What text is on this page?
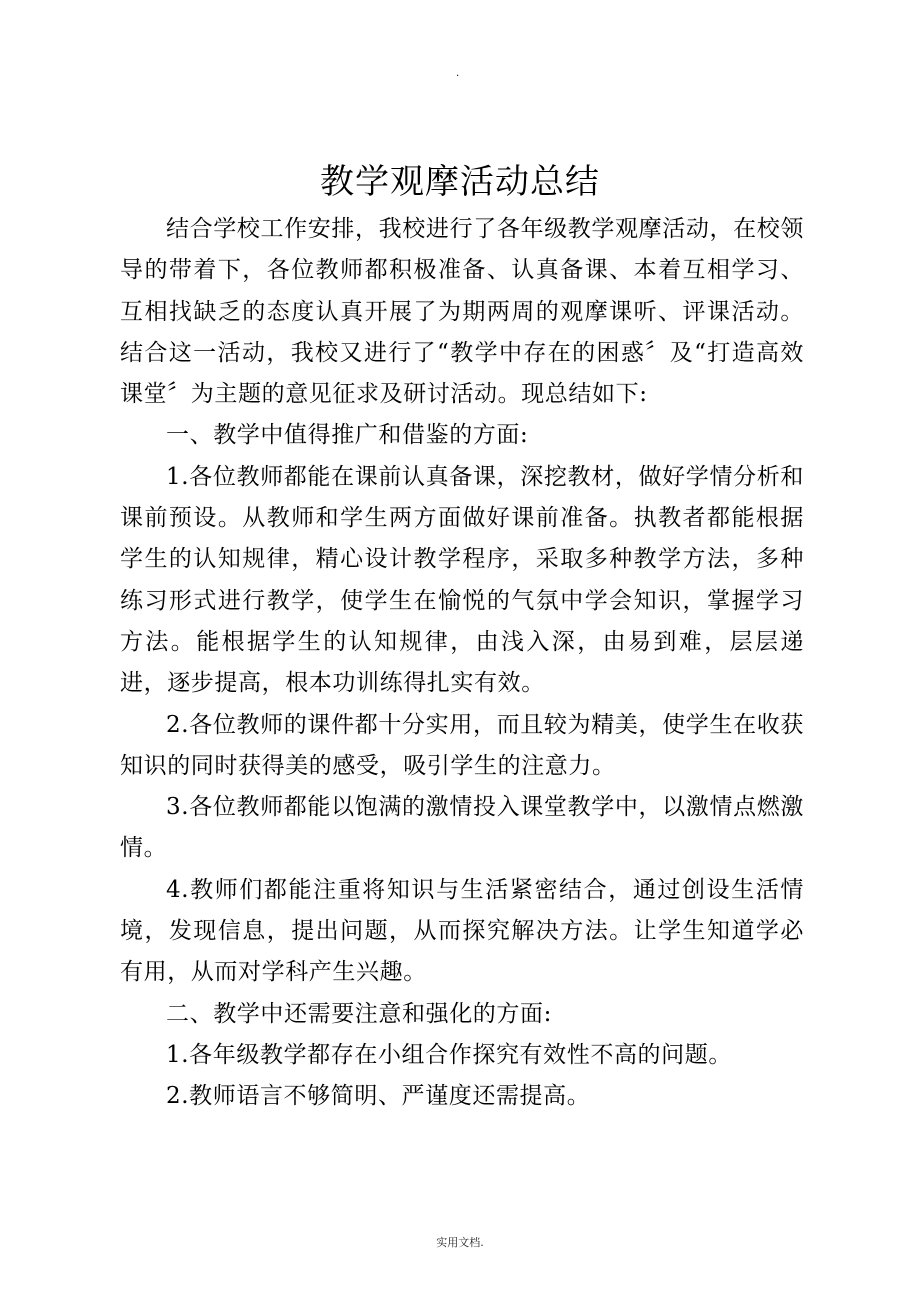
.
教学观摩活动总结

结合学校工作安排，我校进行了各年级教学观摩活动，在校领导的带着下，各位教师都积极准备、认真备课、本着互相学习、互相找缺乏的态度认真开展了为期两周的观摩课听、评课活动。结合这一活动，我校又进行了“教学中存在的困惑〞及“打造高效课堂〞为主题的意见征求及研讨活动。现总结如下:

一、教学中值得推广和借鉴的方面:

1.各位教师都能在课前认真备课，深挖教材，做好学情分析和课前预设。从教师和学生两方面做好课前准备。执教者都能根据学生的认知规律，精心设计教学程序，采取多种教学方法，多种练习形式进行教学，使学生在愉悦的气氛中学会知识，掌握学习方法。能根据学生的认知规律，由浅入深，由易到难，层层递进，逐步提高，根本功训练得扎实有效。

2.各位教师的课件都十分实用，而且较为精美，使学生在收获知识的同时获得美的感受，吸引学生的注意力。

3.各位教师都能以饱满的激情投入课堂教学中，以激情点燃激情。

4.教师们都能注重将知识与生活紧密结合，通过创设生活情境，发现信息，提出问题，从而探究解决方法。让学生知道学必有用，从而对学科产生兴趣。

二、教学中还需要注意和强化的方面:

1.各年级教学都存在小组合作探究有效性不高的问题。

2.教师语言不够简明、严谨度还需提高。

实用文档.
